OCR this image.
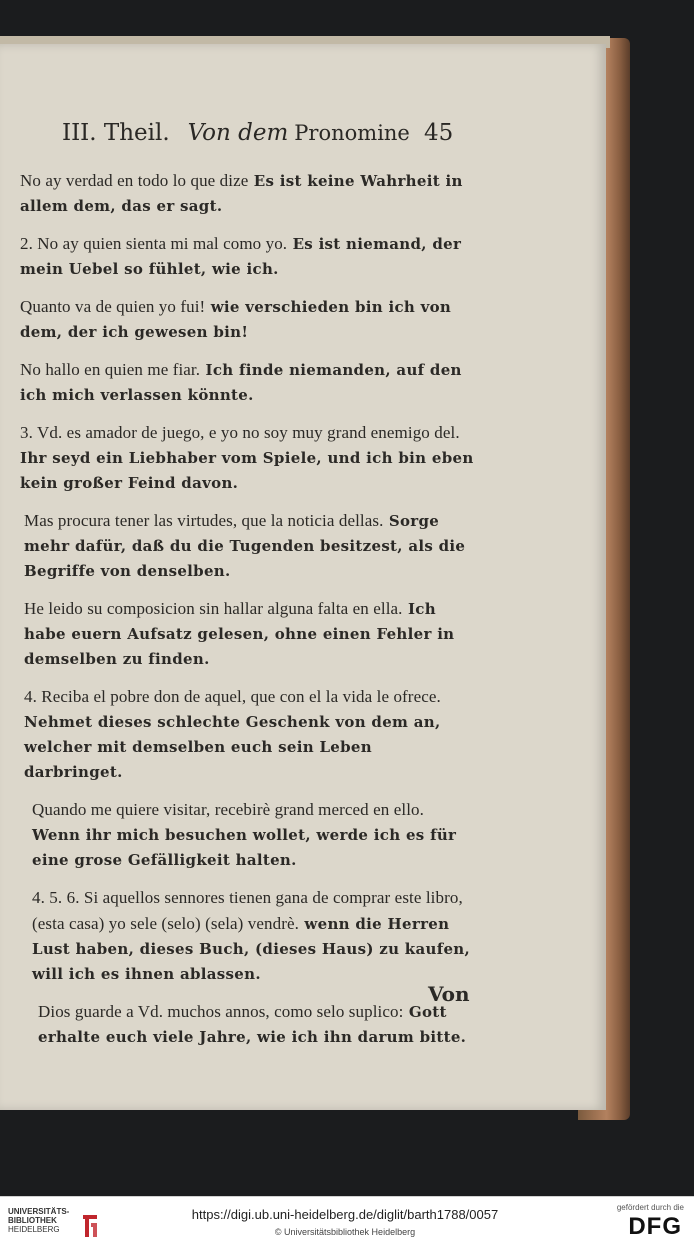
III. Theil. Von dem Pronomine 45
No ay verdad en todo lo que dize Es ist keine Wahrheit in allem dem, das er sagt.
2. No ay quien sienta mi mal como yo. Es ist niemand, der mein Uebel so fühlet, wie ich.
Quanto va de quien yo fui! wie verschieden bin ich von dem, der ich gewesen bin!
No hallo en quien me fiar. Ich finde niemanden, auf den ich mich verlassen könnte.
3. Vd. es amador de juego, e yo no soy muy grand enemigo del. Ihr seyd ein Liebhaber vom Spiele, und ich bin eben kein großer Feind davon.
Mas procura tener las virtudes, que la noticia dellas. Sorge mehr dafür, daß du die Tugenden besitzest, als die Begriffe von denselben.
He leido su composicion sin hallar alguna falta en ella. Ich habe euern Aufsatz gelesen, ohne einen Fehler in demselben zu finden.
4. Reciba el pobre don de aquel, que con el la vida le ofrece. Nehmet dieses schlechte Geschenk von dem an, welcher mit demselben euch sein Leben darbringet.
Quando me quiere visitar, recebirè grand merced en ello. Wenn ihr mich besuchen wollet, werde ich es für eine grose Gefälligkeit halten.
4. 5. 6. Si aquellos sennores tienen gana de comprar este libro, (esta casa) yo sele (selo) (sela) vendrè. wenn die Herren Lust haben, dieses Buch, (dieses Haus) zu kaufen, will ich es ihnen ablassen.
Dios guarde a Vd. muchos annos, como selo suplico: Gott erhalte euch viele Jahre, wie ich ihn darum bitte.
Von
UNIVERSITÄTS-
BIBLIOTHEK
HEIDELBERG
https://digi.ub.uni-heidelberg.de/diglit/barth1788/0057
© Universitätsbibliothek Heidelberg
gefördert durch die
DFG
